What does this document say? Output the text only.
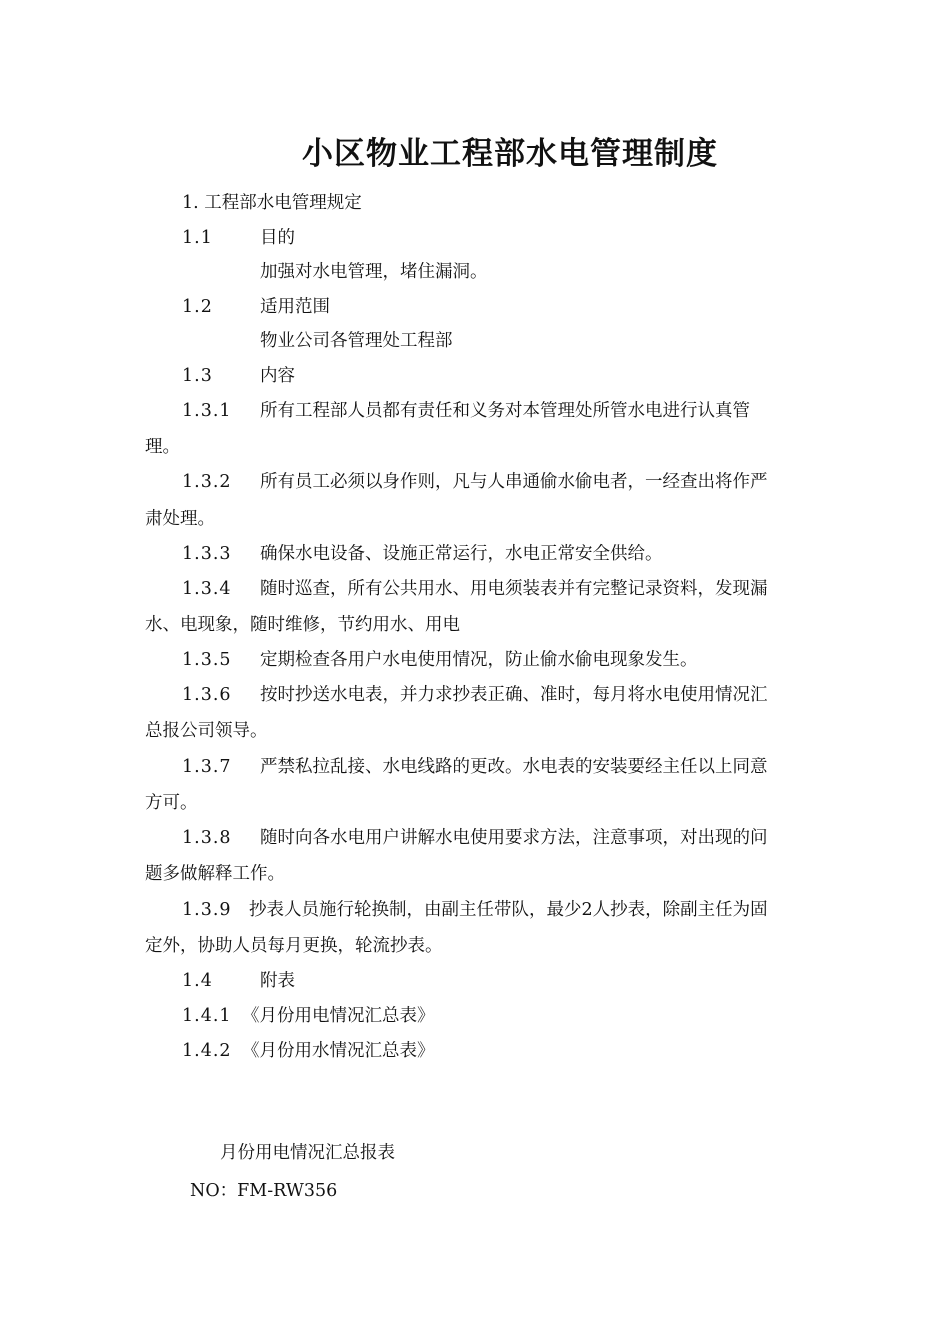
小区物业工程部水电管理制度
1. 工程部水电管理规定
1.1	目的
加强对水电管理，堵住漏洞。
1.2	适用范围
物业公司各管理处工程部
1.3	内容
1.3.1 所有工程部人员都有责任和义务对本管理处所管水电进行认真管
理。
1.3.2 所有员工必须以身作则，凡与人串通偷水偷电者，一经查出将作严
肃处理。
1.3.3 确保水电设备、设施正常运行，水电正常安全供给。
1.3.4 随时巡查，所有公共用水、用电须装表并有完整记录资料，发现漏
水、电现象，随时维修，节约用水、用电
1.3.5 定期检查各用户水电使用情况，防止偷水偷电现象发生。
1.3.6 按时抄送水电表，并力求抄表正确、准时，每月将水电使用情况汇
总报公司领导。
1.3.7 严禁私拉乱接、水电线路的更改。水电表的安装要经主任以上同意
方可。
1.3.8 随时向各水电用户讲解水电使用要求方法，注意事项，对出现的问
题多做解释工作。
1.3.9 抄表人员施行轮换制，由副主任带队，最少2人抄表，除副主任为固
定外，协助人员每月更换，轮流抄表。
1.4	附表
1.4.1 《月份用电情况汇总表》
1.4.2 《月份用水情况汇总表》
月份用电情况汇总报表
NO：FM-RW356
